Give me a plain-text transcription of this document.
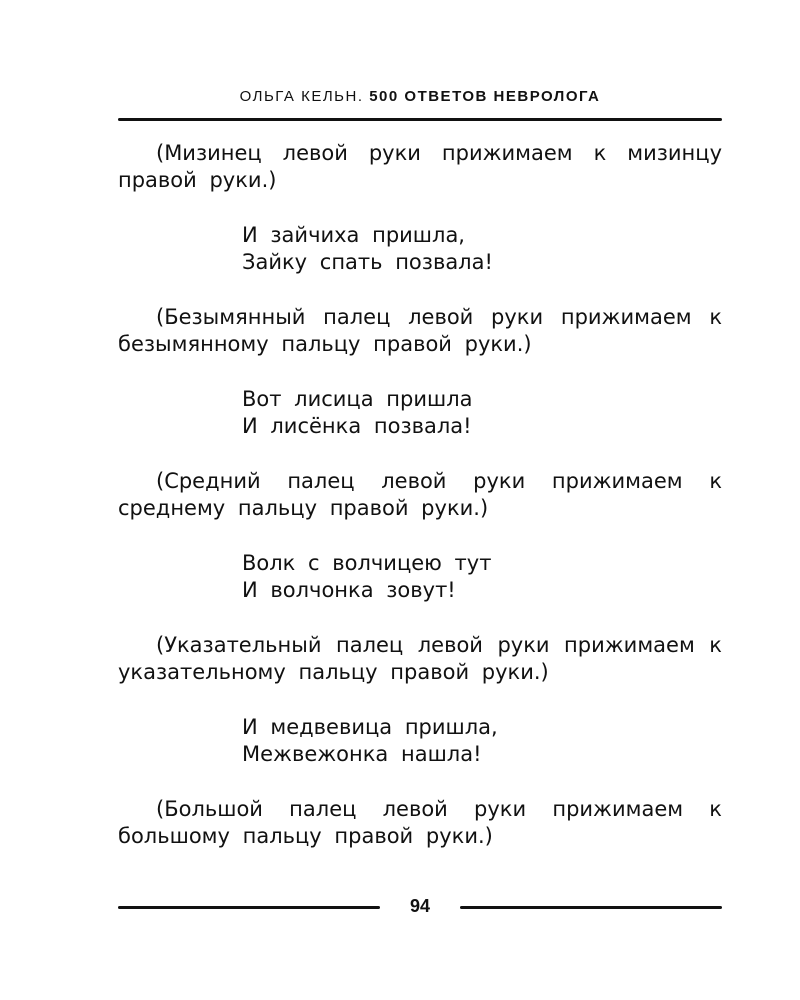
ОЛЬГА КЕЛЬН. 500 ОТВЕТОВ НЕВРОЛОГА

(Мизинец левой руки прижимаем к мизинцу правой руки.)

И зайчиха пришла,
Зайку спать позвала!

(Безымянный палец левой руки прижимаем к безымянному пальцу правой руки.)

Вот лисица пришла
И лисёнка позвала!

(Средний палец левой руки прижимаем к среднему пальцу правой руки.)

Волк с волчицею тут
И волчонка зовут!

(Указательный палец левой руки прижимаем к указательному пальцу правой руки.)

И медвевица пришла,
Межвежонка нашла!

(Большой палец левой руки прижимаем к большому пальцу правой руки.)

94
